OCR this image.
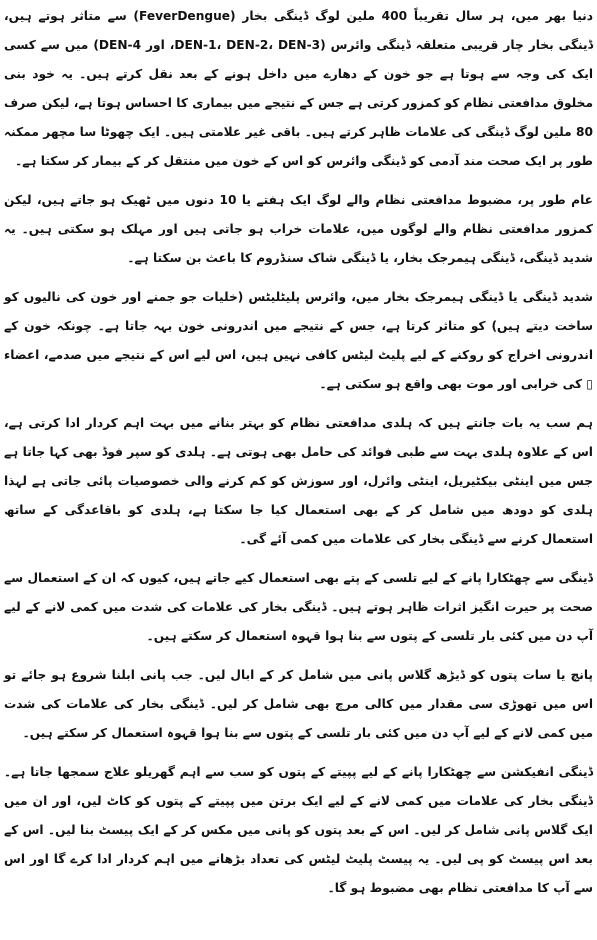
دنیا بھر میں، ہر سال تقریباً 400 ملین لوگ ڈینگی بخار (FeverDengue) سے متاثر ہوتے ہیں، ڈینگی بخار چار قریبی متعلقہ ڈینگی وائرس (DEN-1، DEN-2، DEN-3، اور DEN-4) میں سے کسی ایک کی وجہ سے ہوتا ہے جو خون کے دھارے میں داخل ہونے کے بعد نقل کرتے ہیں۔ یہ خود بنی مخلوق مدافعتی نظام کو کمزور کرتی ہے جس کے نتیجے میں بیماری کا احساس ہوتا ہے، لیکن صرف 80 ملین لوگ ڈینگی کی علامات ظاہر کرتے ہیں۔ باقی غیر علامتی ہیں۔ ایک چھوٹا سا مچھر ممکنہ طور پر ایک صحت مند آدمی کو ڈینگی وائرس کو اس کے خون میں منتقل کر کے بیمار کر سکتا ہے۔

عام طور پر، مضبوط مدافعتی نظام والے لوگ ایک ہفتے یا 10 دنوں میں ٹھیک ہو جاتے ہیں، لیکن کمزور مدافعتی نظام والے لوگوں میں، علامات خراب ہو جاتی ہیں اور مہلک ہو سکتی ہیں۔ یہ شدید ڈینگی، ڈینگی ہیمرجک بخار، یا ڈینگی شاک سنڈروم کا باعث بن سکتا ہے۔

شدید ڈینگی یا ڈینگی ہیمرجک بخار میں، وائرس پلیٹلیٹس (خلیات جو جمنے اور خون کی نالیوں کو ساخت دیتے ہیں) کو متاثر کرتا ہے، جس کے نتیجے میں اندرونی خون بہہ جاتا ہے۔ چونکہ خون کے اندرونی اخراج کو روکنے کے لیے پلیٹ لیٹس کافی نہیں ہیں، اس لیے اس کے نتیجے میں صدمے، اعضاء ▯ کی خرابی اور موت بھی واقع ہو سکتی ہے۔

ہم سب یہ بات جانتے ہیں کہ ہلدی مدافعتی نظام کو بہتر بنانے میں بہت اہم کردار ادا کرتی ہے، اس کے علاوہ ہلدی بہت سے طبی فوائد کی حامل بھی ہوتی ہے۔ ہلدی کو سپر فوڈ بھی کہا جاتا ہے جس میں اینٹی بیکٹیریل، اینٹی وائرل، اور سوزش کو کم کرنے والی خصوصیات پائی جاتی ہے لہذا ہلدی کو دودھ میں شامل کر کے بھی استعمال کیا جا سکتا ہے، ہلدی کو باقاعدگی کے ساتھ استعمال کرنے سے ڈینگی بخار کی علامات میں کمی آئے گی۔

ڈینگی سے چھٹکارا پانے کے لیے تلسی کے پتے بھی استعمال کیے جاتے ہیں، کیوں کہ ان کے استعمال سے صحت پر حیرت انگیز اثرات ظاہر ہوتے ہیں۔ ڈینگی بخار کی علامات کی شدت میں کمی لانے کے لیے آپ دن میں کئی بار تلسی کے پتوں سے بنا ہوا قہوہ استعمال کر سکتے ہیں۔

پانچ یا سات پتوں کو ڈیڑھ گلاس پانی میں شامل کر کے ابال لیں۔ جب پانی ابلنا شروع ہو جائے تو اس میں تھوڑی سی مقدار میں کالی مرچ بھی شامل کر لیں۔ ڈینگی بخار کی علامات کی شدت میں کمی لانے کے لیے آپ دن میں کئی بار تلسی کے پتوں سے بنا ہوا قہوہ استعمال کر سکتے ہیں۔

ڈینگی انفیکشن سے چھٹکارا پانے کے لیے پپیتے کے پتوں کو سب سے اہم گھریلو علاج سمجھا جاتا ہے۔ ڈینگی بخار کی علامات میں کمی لانے کے لیے ایک برتن میں پپیتے کے پتوں کو کاٹ لیں، اور ان میں ایک گلاس پانی شامل کر لیں۔ اس کے بعد پتوں کو پانی میں مکس کر کے ایک پیسٹ بنا لیں۔ اس کے بعد اس پیسٹ کو پی لیں۔ یہ پیسٹ پلیٹ لیٹس کی تعداد بڑھانے میں اہم کردار ادا کرے گا اور اس سے آپ کا مدافعتی نظام بھی مضبوط ہو گا۔
